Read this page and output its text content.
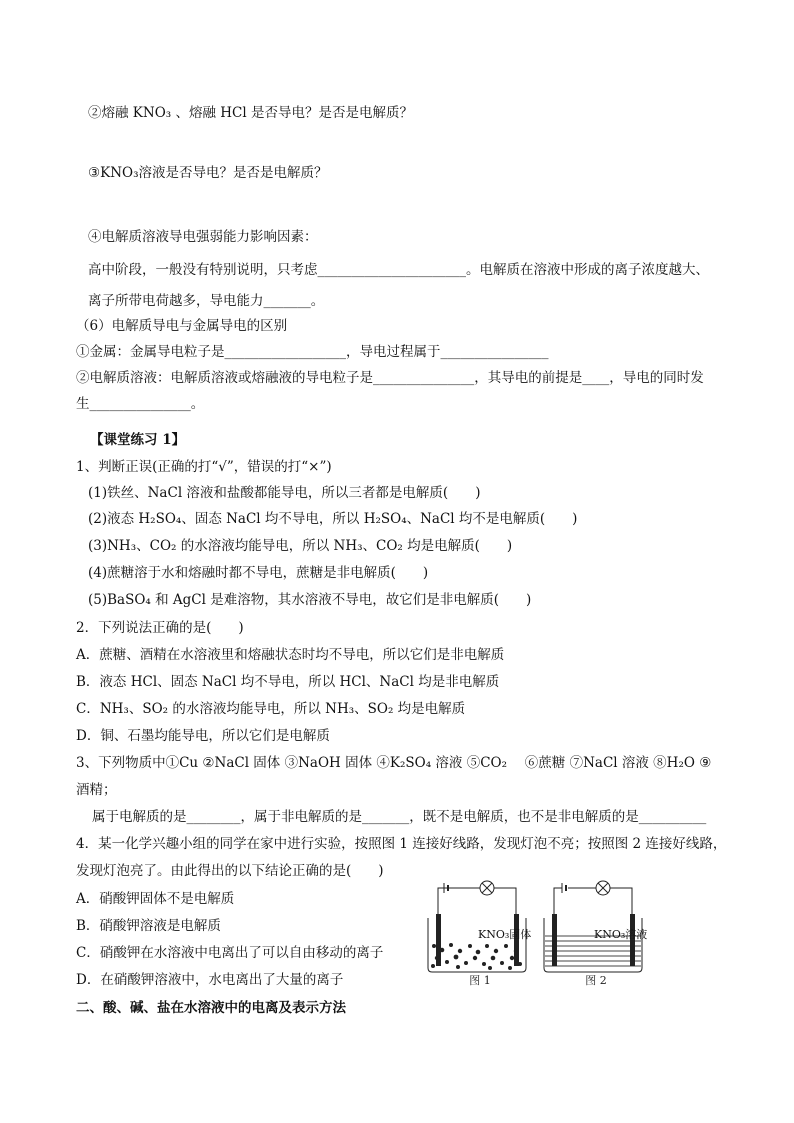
②熔融 KNO₃ 、熔融 HCl 是否导电？是否是电解质？
③KNO₃溶液是否导电？是否是电解质？
④电解质溶液导电强弱能力影响因素：
高中阶段，一般没有特别说明，只考虑______________________。电解质在溶液中形成的离子浓度越大、
离子所带电荷越多，导电能力_______。
（6）电解质导电与金属导电的区别
①金属：金属导电粒子是__________________，导电过程属于________________
②电解质溶液：电解质溶液或熔融液的导电粒子是_______________，其导电的前提是____，导电的同时发
生_______________。
【课堂练习 1】
1、判断正误(正确的打“√”，错误的打“×”)
(1)铁丝、NaCl 溶液和盐酸都能导电，所以三者都是电解质(　　)
(2)液态 H₂SO₄、固态 NaCl 均不导电，所以 H₂SO₄、NaCl 均不是电解质(　　)
(3)NH₃、CO₂ 的水溶液均能导电，所以 NH₃、CO₂ 均是电解质(　　)
(4)蔗糖溶于水和熔融时都不导电，蔗糖是非电解质(　　)
(5)BaSO₄ 和 AgCl 是难溶物，其水溶液不导电，故它们是非电解质(　　)
2．下列说法正确的是(　　)
A．蔗糖、酒精在水溶液里和熔融状态时均不导电，所以它们是非电解质
B．液态 HCl、固态 NaCl 均不导电，所以 HCl、NaCl 均是非电解质
C．NH₃、SO₂ 的水溶液均能导电，所以 NH₃、SO₂ 均是电解质
D．铜、石墨均能导电，所以它们是电解质
3、下列物质中①Cu ②NaCl 固体 ③NaOH 固体 ④K₂SO₄ 溶液 ⑤CO₂ 　⑥蔗糖 ⑦NaCl 溶液 ⑧H₂O ⑨
酒精；
属于电解质的是________，属于非电解质的是_______，既不是电解质，也不是非电解质的是__________
4．某一化学兴趣小组的同学在家中进行实验，按照图 1 连接好线路，发现灯泡不亮；按照图 2 连接好线路，
发现灯泡亮了。由此得出的以下结论正确的是(　　)
A．硝酸钾固体不是电解质
B．硝酸钾溶液是电解质
C．硝酸钾在水溶液中电离出了可以自由移动的离子
D．在硝酸钾溶液中，水电离出了大量的离子
二、酸、碱、盐在水溶液中的电离及表示方法
图 1
KNO₃固体
图 2
KNO₃溶液
